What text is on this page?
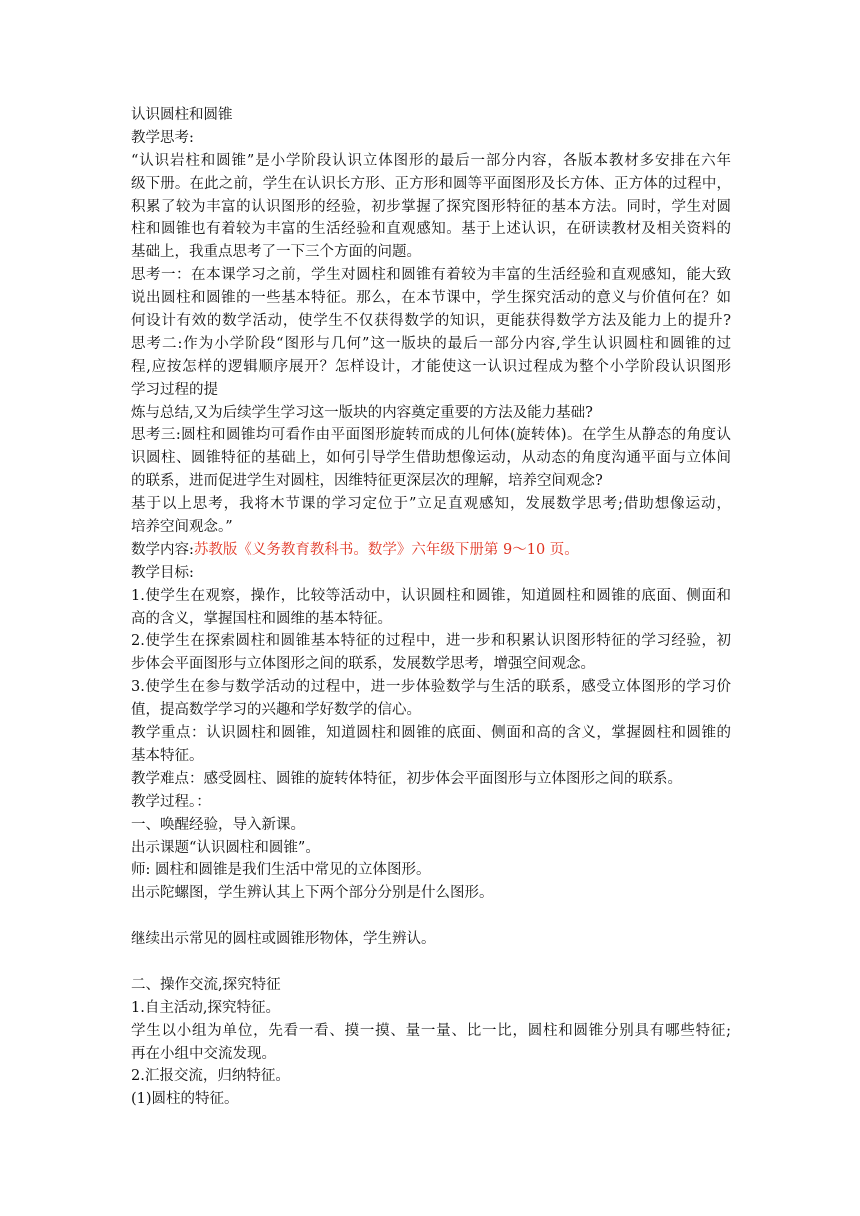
认识圆柱和圆锥
教学思考:
“认识岩柱和圆锥”是小学阶段认识立体图形的最后一部分内容，各版本教材多安排在六年
级下册。在此之前，学生在认识长方形、正方形和圆等平面图形及长方体、正方体的过程中，
积累了较为丰富的认识图形的经验，初步掌握了探究图形特征的基本方法。同时，学生对圆
柱和圆锥也有着较为丰富的生活经验和直观感知。基于上述认识，在研读教材及相关资料的
基础上，我重点思考了一下三个方面的问题。
思考一：在本课学习之前，学生对圆柱和圆锥有着较为丰富的生活经验和直观感知，能大致
说出圆柱和圆锥的一些基本特征。那么，在本节课中，学生探究活动的意义与价值何在？如
何设计有效的数学活动，使学生不仅获得数学的知识，更能获得数学方法及能力上的提升?
思考二:作为小学阶段“图形与几何”这一版块的最后一部分内容,学生认识圆柱和圆锥的过
程,应按怎样的逻辑顺序展开？怎样设计，才能使这一认识过程成为整个小学阶段认识图形
学习过程的提
炼与总结,又为后续学生学习这一版块的内容奠定重要的方法及能力基础?
思考三:圆柱和圆锥均可看作由平面图形旋转而成的儿何体(旋转体)。在学生从静态的角度认
识圆柱、圆锥特征的基础上，如何引导学生借助想像运动，从动态的角度沟通平面与立体间
的联系，进而促进学生对圆柱，因维特征更深层次的理解，培养空间观念?
基于以上思考，我将木节课的学习定位于”立足直观感知，发展数学思考;借助想像运动，
培养空间观念。”
数学内容:苏教版《义务教育教科书。数学》六年级下册第 9～10 页。
教学目标:
1.使学生在观察，操作，比较等活动中，认识圆柱和圆锥，知道圆柱和圆锥的底面、侧面和
高的含义，掌握国柱和圆维的基本特征。
2.使学生在探索圆柱和圆锥基本特征的过程中，进一步和积累认识图形特征的学习经验，初
步体会平面图形与立体图形之间的联系，发展数学思考，增强空间观念。
3.使学生在参与数学活动的过程中，进一步体验数学与生活的联系，感受立体图形的学习价
值，提高数学学习的兴趣和学好数学的信心。
教学重点：认识圆柱和圆锥，知道圆柱和圆锥的底面、侧面和高的含义，掌握圆柱和圆锥的
基本特征。
教学难点：感受圆柱、圆锥的旋转体特征，初步体会平面图形与立体图形之间的联系。
教学过程。：
一、唤醒经验，导入新课。
出示课题“认识圆柱和圆锥”。
师: 圆柱和圆锥是我们生活中常见的立体图形。
出示陀螺图，学生辨认其上下两个部分分别是什么图形。
继续出示常见的圆柱或圆锥形物体，学生辨认。
二、操作交流,探究特征
1.自主活动,探究特征。
学生以小组为单位，先看一看、摸一摸、量一量、比一比，圆柱和圆锥分别具有哪些特征;
再在小组中交流发现。
2.汇报交流，归纳特征。
(1)圆柱的特征。
